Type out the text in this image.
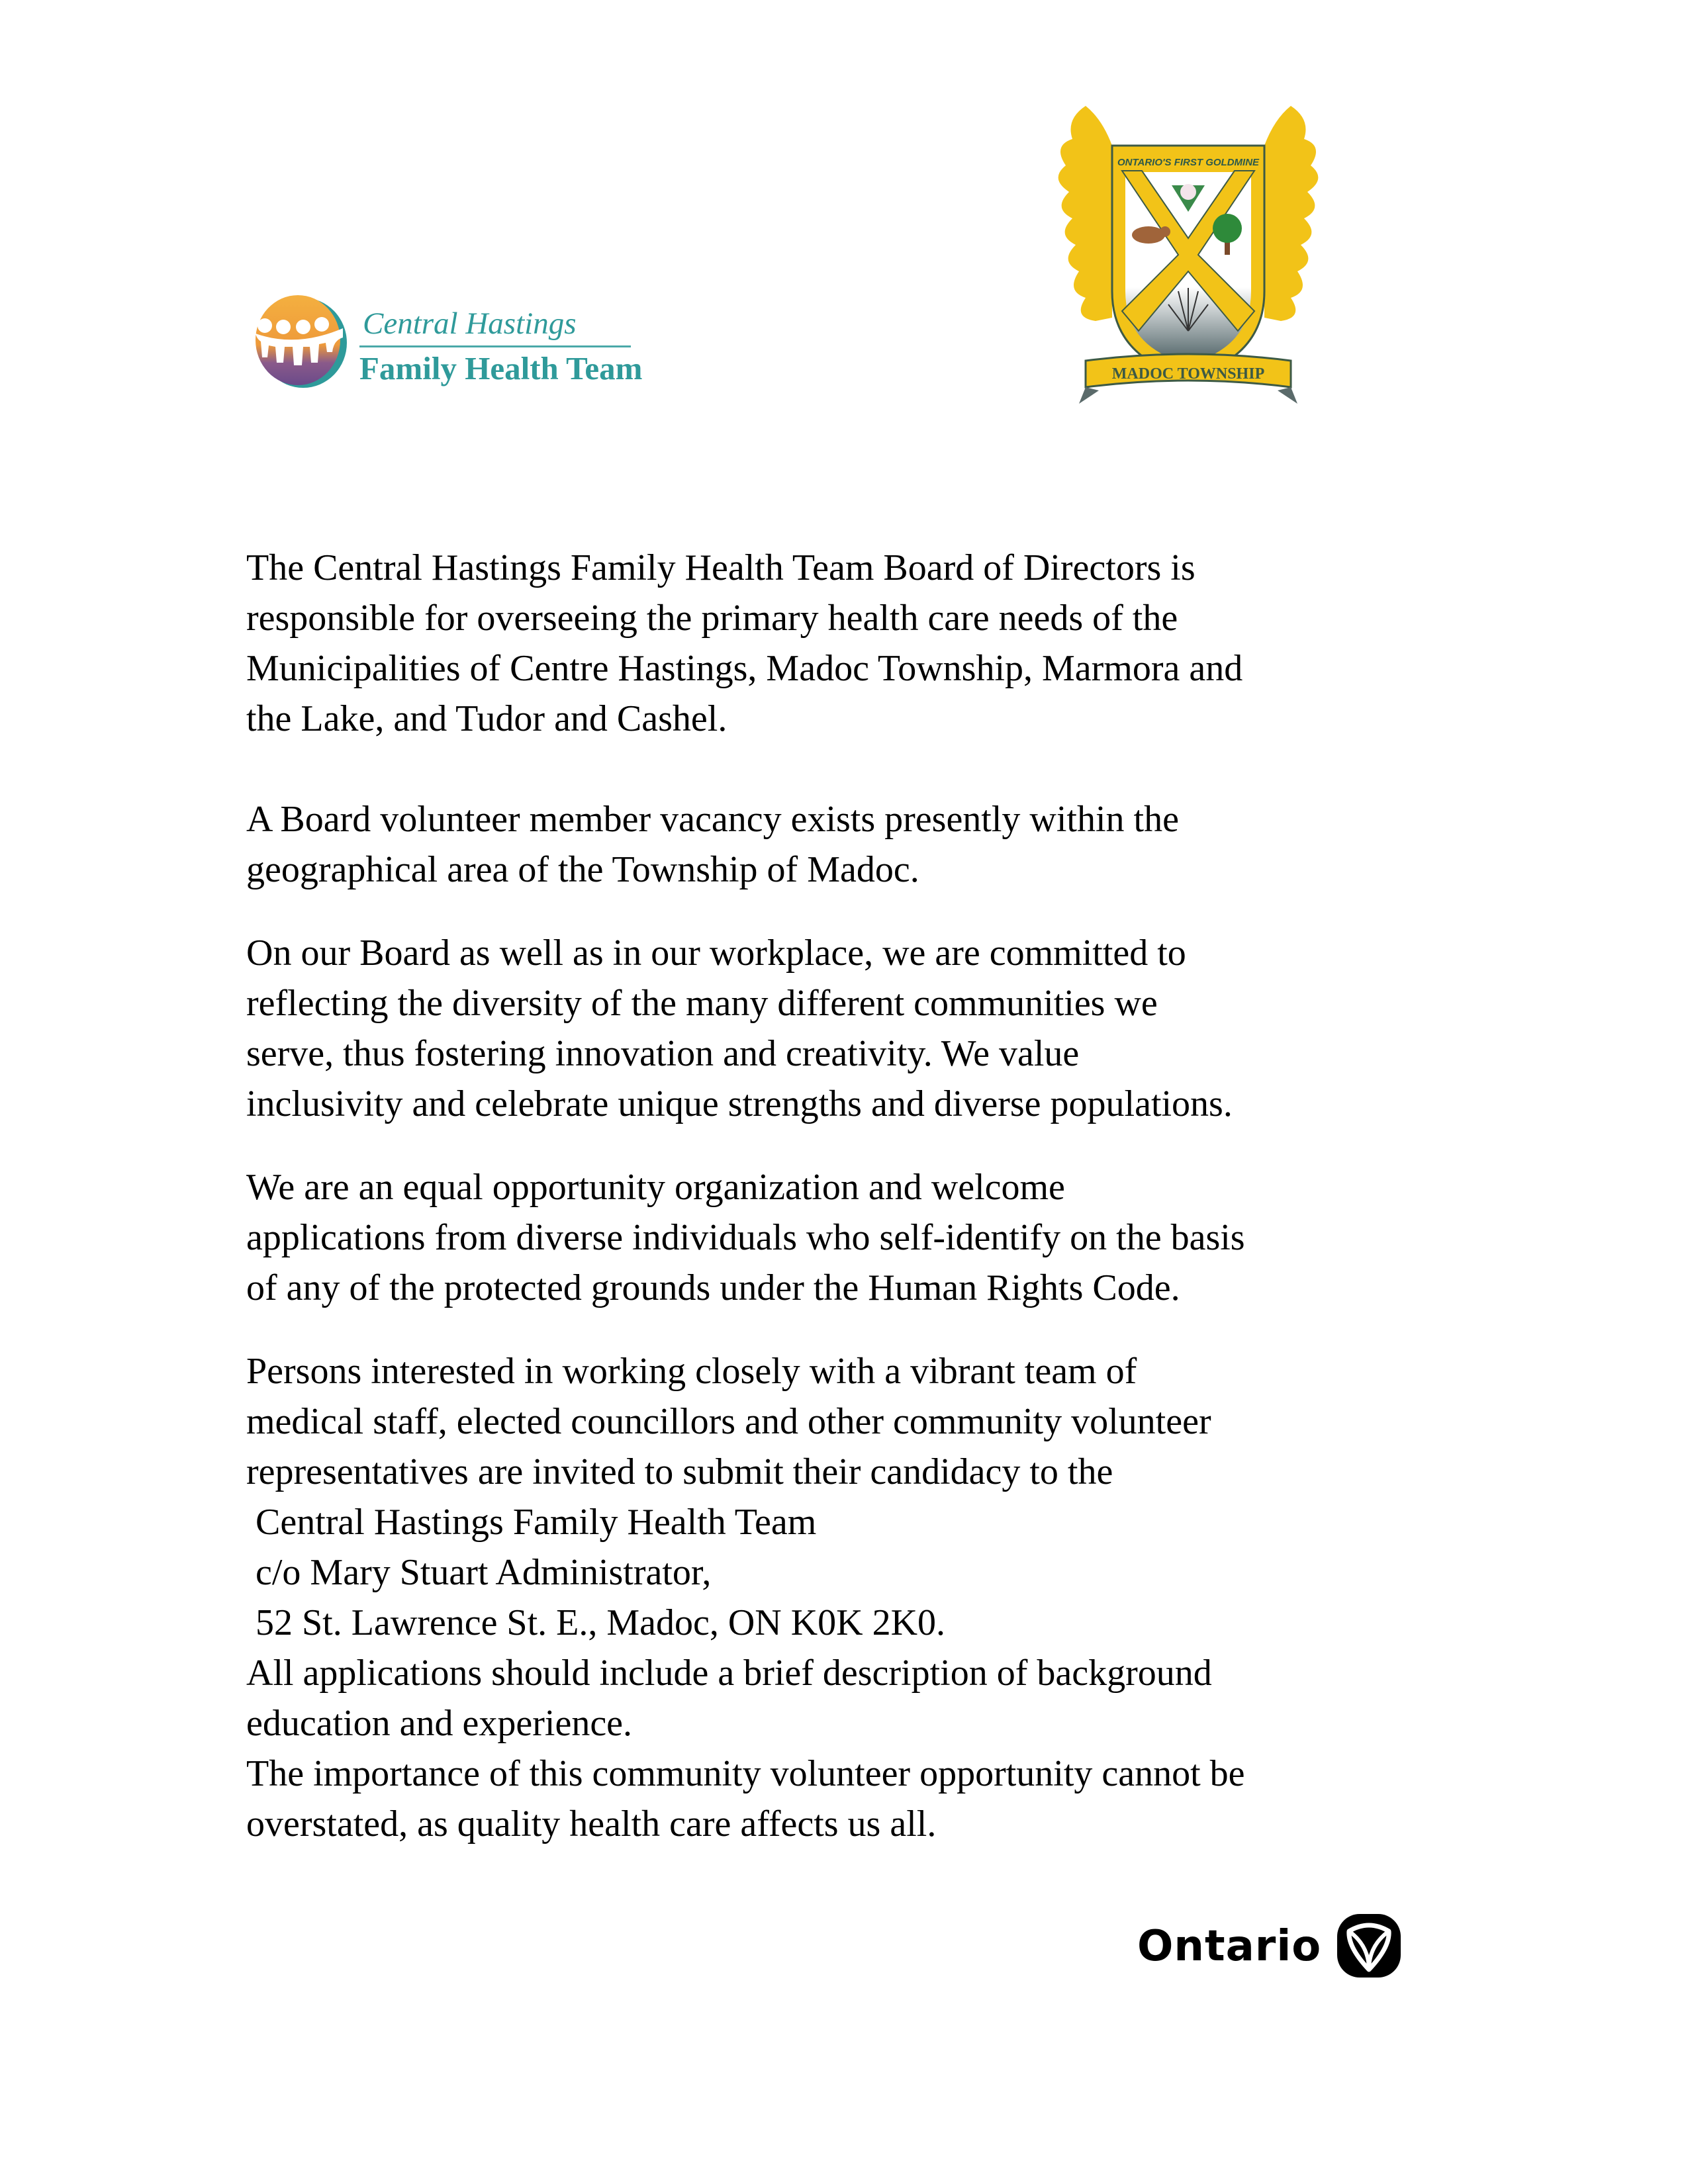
Central Hastings
Family Health Team
ONTARIO'S FIRST GOLDMINE
MADOC TOWNSHIP

The Central Hastings Family Health Team Board of Directors is
responsible for overseeing the primary health care needs of the
Municipalities of Centre Hastings, Madoc Township, Marmora and
the Lake, and Tudor and Cashel.

A Board volunteer member vacancy exists presently within the
geographical area of the Township of Madoc.

On our Board as well as in our workplace, we are committed to
reflecting the diversity of the many different communities we
serve, thus fostering innovation and creativity. We value
inclusivity and celebrate unique strengths and diverse populations.

We are an equal opportunity organization and welcome
applications from diverse individuals who self-identify on the basis
of any of the protected grounds under the Human Rights Code.

Persons interested in working closely with a vibrant team of
medical staff, elected councillors and other community volunteer
representatives are invited to submit their candidacy to the
Central Hastings Family Health Team
c/o Mary Stuart Administrator,
52 St. Lawrence St. E., Madoc, ON K0K 2K0.
All applications should include a brief description of background
education and experience.
The importance of this community volunteer opportunity cannot be
overstated, as quality health care affects us all.

Ontario
